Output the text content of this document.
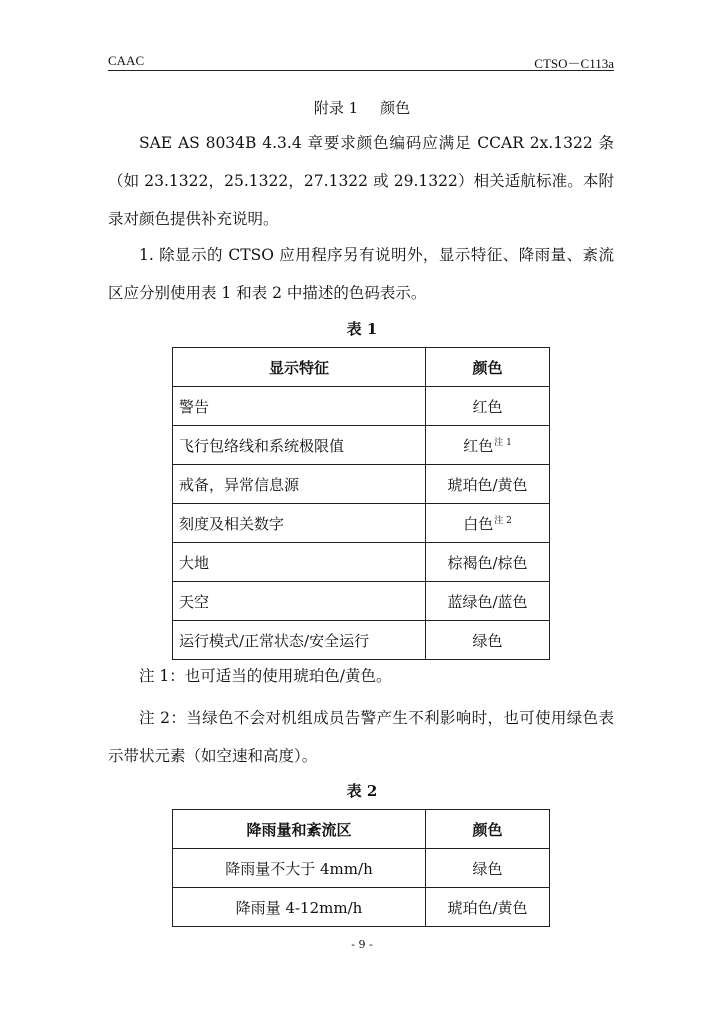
CAAC	CTSO－C113a
附录 1 颜色
SAE AS 8034B 4.3.4 章要求颜色编码应满足 CCAR 2x.1322 条（如 23.1322，25.1322，27.1322 或 29.1322）相关适航标准。本附录对颜色提供补充说明。
1. 除显示的 CTSO 应用程序另有说明外，显示特征、降雨量、紊流区应分别使用表 1 和表 2 中描述的色码表示。
表 1
显示特征	颜色
警告	红色
飞行包络线和系统极限值	红色$^{注 1}$
戒备，异常信息源	琥珀色/黄色
刻度及相关数字	白色$^{注 2}$
大地	棕褐色/棕色
天空	蓝绿色/蓝色
运行模式/正常状态/安全运行	绿色
注 1：也可适当的使用琥珀色/黄色。
注 2：当绿色不会对机组成员告警产生不利影响时，也可使用绿色表示带状元素（如空速和高度）。
表 2
降雨量和紊流区	颜色
降雨量不大于 4mm/h	绿色
降雨量 4-12mm/h	琥珀色/黄色
- 9 -
